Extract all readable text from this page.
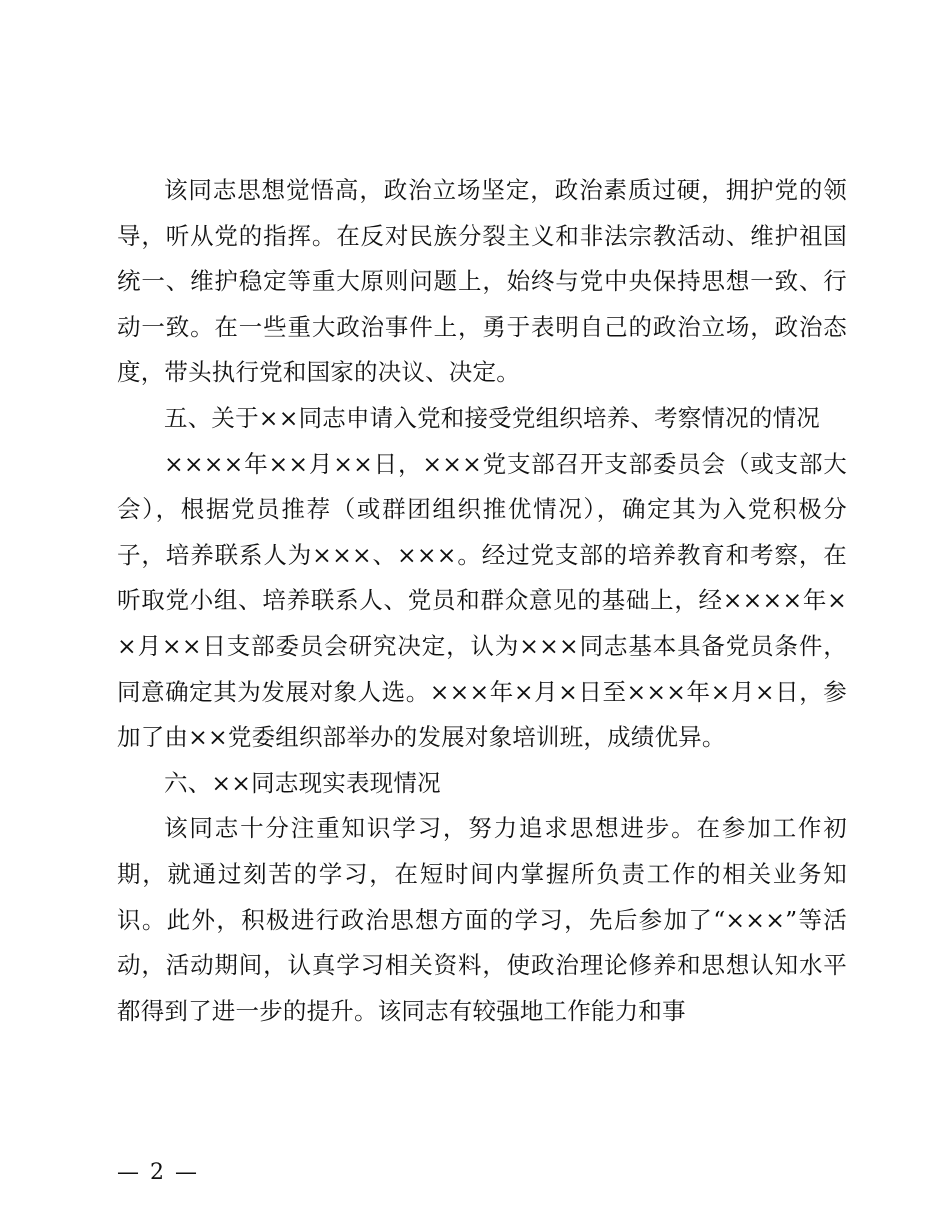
该同志思想觉悟高，政治立场坚定，政治素质过硬，拥护党的领导，听从党的指挥。在反对民族分裂主义和非法宗教活动、维护祖国统一、维护稳定等重大原则问题上，始终与党中央保持思想一致、行动一致。在一些重大政治事件上，勇于表明自己的政治立场，政治态度，带头执行党和国家的决议、决定。

五、关于××同志申请入党和接受党组织培养、考察情况的情况

××××年××月××日，×××党支部召开支部委员会（或支部大会），根据党员推荐（或群团组织推优情况），确定其为入党积极分子，培养联系人为×××、×××。经过党支部的培养教育和考察，在听取党小组、培养联系人、党员和群众意见的基础上，经××××年××月××日支部委员会研究决定，认为×××同志基本具备党员条件，同意确定其为发展对象人选。×××年×月×日至×××年×月×日，参加了由××党委组织部举办的发展对象培训班，成绩优异。

六、××同志现实表现情况

该同志十分注重知识学习，努力追求思想进步。在参加工作初期，就通过刻苦的学习，在短时间内掌握所负责工作的相关业务知识。此外，积极进行政治思想方面的学习，先后参加了“×××”等活动，活动期间，认真学习相关资料，使政治理论修养和思想认知水平都得到了进一步的提升。该同志有较强地工作能力和事

— 2 —
